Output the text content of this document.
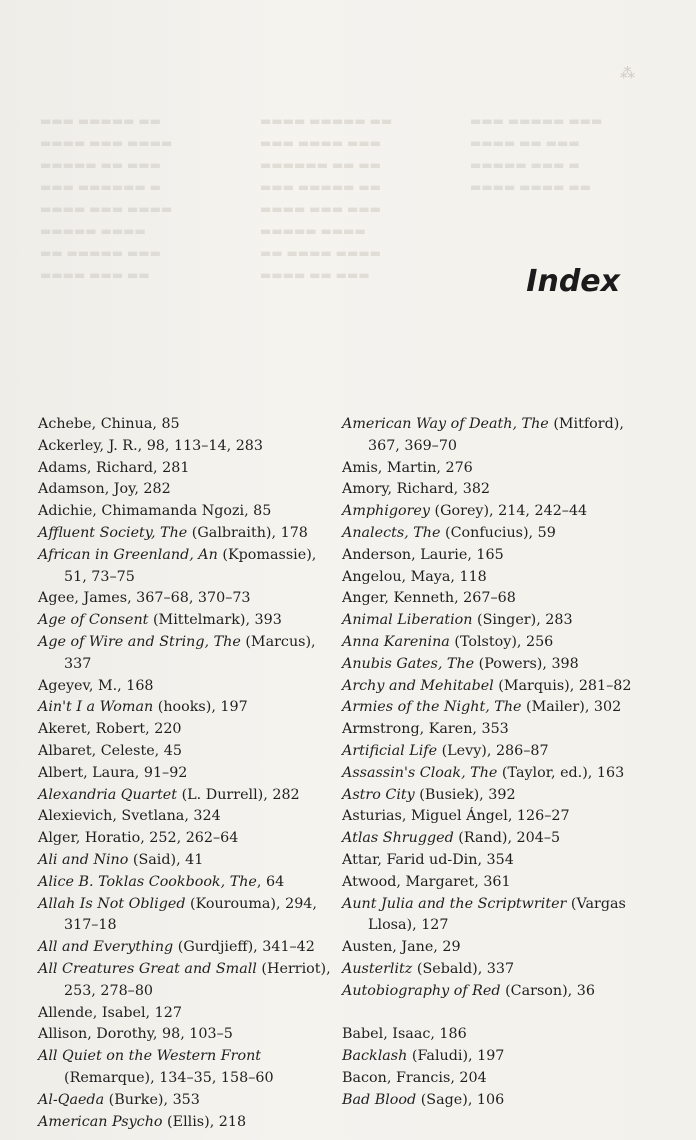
⁂
▬▬▬ ▬▬▬▬▬ ▬▬
▬▬▬▬ ▬▬▬ ▬▬▬▬
▬▬▬▬▬ ▬▬ ▬▬▬
▬▬▬ ▬▬▬▬▬▬ ▬
▬▬▬▬ ▬▬▬ ▬▬▬▬
▬▬▬▬▬ ▬▬▬▬
▬▬ ▬▬▬▬▬ ▬▬▬
▬▬▬▬ ▬▬▬ ▬▬
▬▬▬▬ ▬▬▬▬▬ ▬▬
▬▬▬ ▬▬▬▬ ▬▬▬
▬▬▬▬▬▬ ▬▬ ▬▬
▬▬▬ ▬▬▬▬▬ ▬▬
▬▬▬▬ ▬▬▬ ▬▬▬
▬▬▬▬▬ ▬▬▬▬
▬▬ ▬▬▬▬ ▬▬▬▬
▬▬▬▬ ▬▬ ▬▬▬
▬▬▬ ▬▬▬▬▬ ▬▬▬
▬▬▬▬ ▬▬ ▬▬▬
▬▬▬▬▬ ▬▬▬ ▬
▬▬▬▬ ▬▬▬▬ ▬▬
Index
Achebe, Chinua, 85
Ackerley, J. R., 98, 113–14, 283
Adams, Richard, 281
Adamson, Joy, 282
Adichie, Chimamanda Ngozi, 85
Affluent Society, The (Galbraith), 178
African in Greenland, An (Kpomassie), 51, 73–75
Agee, James, 367–68, 370–73
Age of Consent (Mittelmark), 393
Age of Wire and String, The (Marcus), 337
Ageyev, M., 168
Ain't I a Woman (hooks), 197
Akeret, Robert, 220
Albaret, Celeste, 45
Albert, Laura, 91–92
Alexandria Quartet (L. Durrell), 282
Alexievich, Svetlana, 324
Alger, Horatio, 252, 262–64
Ali and Nino (Said), 41
Alice B. Toklas Cookbook, The, 64
Allah Is Not Obliged (Kourouma), 294, 317–18
All and Everything (Gurdjieff), 341–42
All Creatures Great and Small (Herriot), 253, 278–80
Allende, Isabel, 127
Allison, Dorothy, 98, 103–5
All Quiet on the Western Front (Remarque), 134–35, 158–60
Al-Qaeda (Burke), 353
American Psycho (Ellis), 218
American Way of Death, The (Mitford), 367, 369–70
Amis, Martin, 276
Amory, Richard, 382
Amphigorey (Gorey), 214, 242–44
Analects, The (Confucius), 59
Anderson, Laurie, 165
Angelou, Maya, 118
Anger, Kenneth, 267–68
Animal Liberation (Singer), 283
Anna Karenina (Tolstoy), 256
Anubis Gates, The (Powers), 398
Archy and Mehitabel (Marquis), 281–82
Armies of the Night, The (Mailer), 302
Armstrong, Karen, 353
Artificial Life (Levy), 286–87
Assassin's Cloak, The (Taylor, ed.), 163
Astro City (Busiek), 392
Asturias, Miguel Ángel, 126–27
Atlas Shrugged (Rand), 204–5
Attar, Farid ud-Din, 354
Atwood, Margaret, 361
Aunt Julia and the Scriptwriter (Vargas Llosa), 127
Austen, Jane, 29
Austerlitz (Sebald), 337
Autobiography of Red (Carson), 36
Babel, Isaac, 186
Backlash (Faludi), 197
Bacon, Francis, 204
Bad Blood (Sage), 106
